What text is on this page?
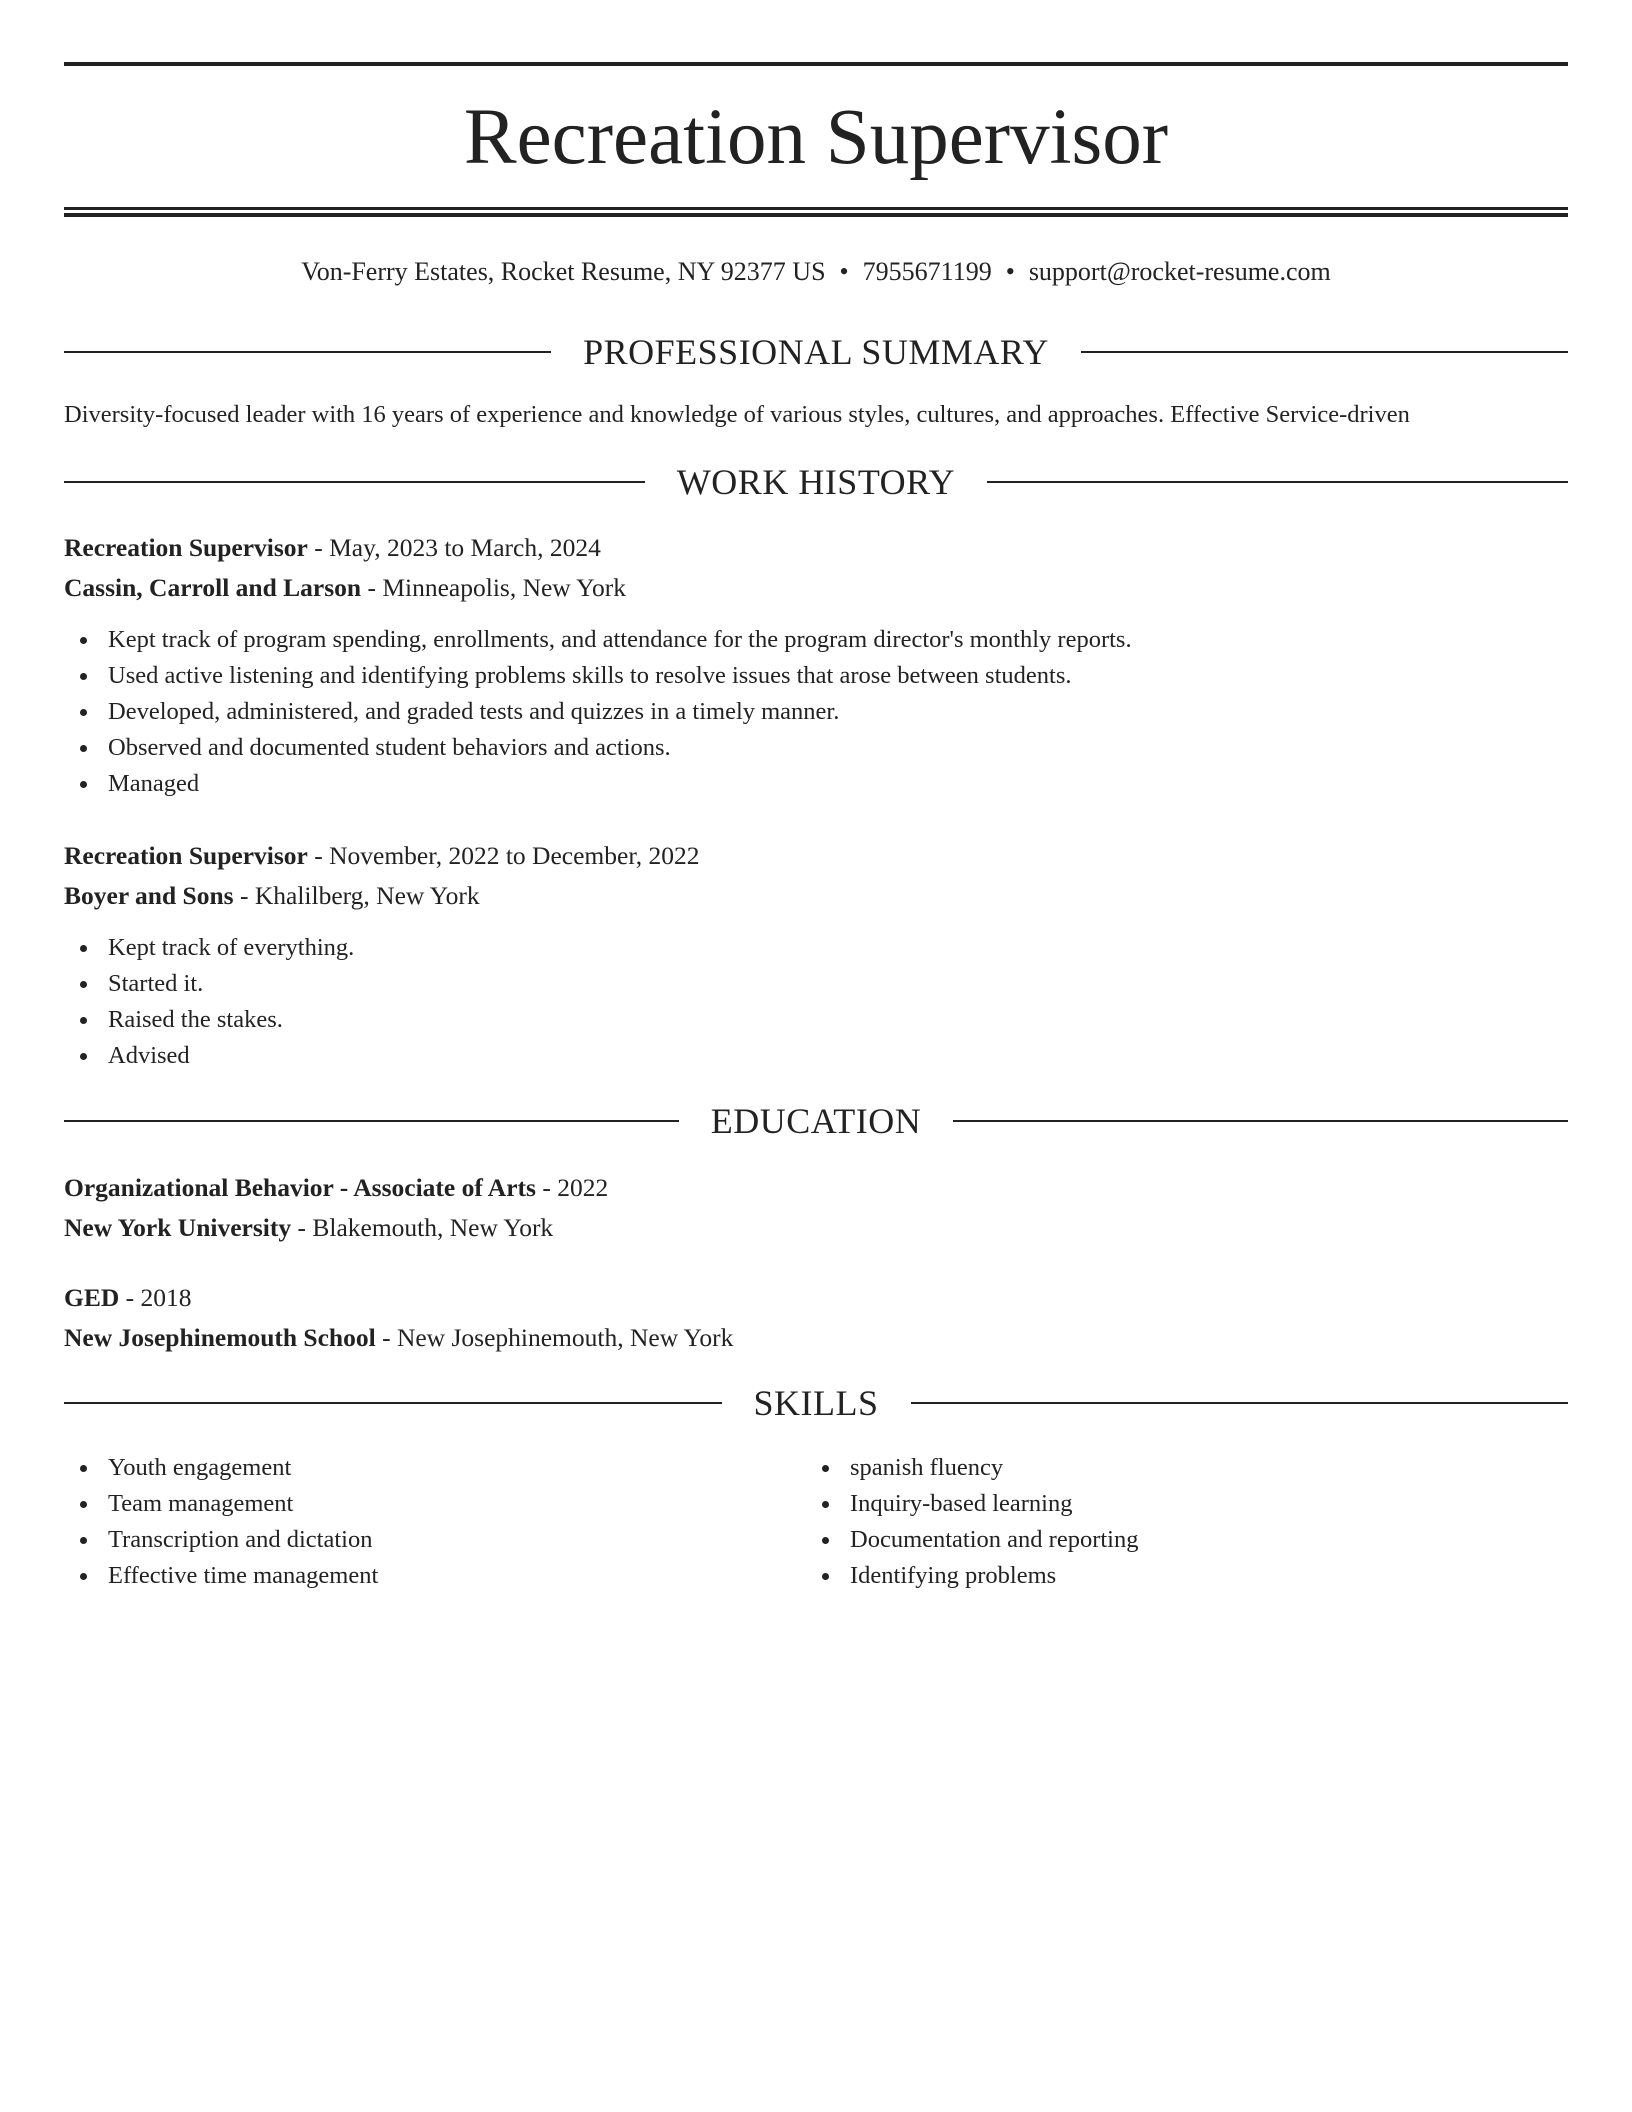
Recreation Supervisor
Von-Ferry Estates, Rocket Resume, NY 92377 US • 7955671199 • support@rocket-resume.com
PROFESSIONAL SUMMARY
Diversity-focused leader with 16 years of experience and knowledge of various styles, cultures, and approaches. Effective Service-driven
WORK HISTORY
Recreation Supervisor - May, 2023 to March, 2024
Cassin, Carroll and Larson - Minneapolis, New York
Kept track of program spending, enrollments, and attendance for the program director's monthly reports.
Used active listening and identifying problems skills to resolve issues that arose between students.
Developed, administered, and graded tests and quizzes in a timely manner.
Observed and documented student behaviors and actions.
Managed
Recreation Supervisor - November, 2022 to December, 2022
Boyer and Sons - Khalilberg, New York
Kept track of everything.
Started it.
Raised the stakes.
Advised
EDUCATION
Organizational Behavior - Associate of Arts - 2022
New York University - Blakemouth, New York
GED - 2018
New Josephinemouth School - New Josephinemouth, New York
SKILLS
Youth engagement
Team management
Transcription and dictation
Effective time management
spanish fluency
Inquiry-based learning
Documentation and reporting
Identifying problems
